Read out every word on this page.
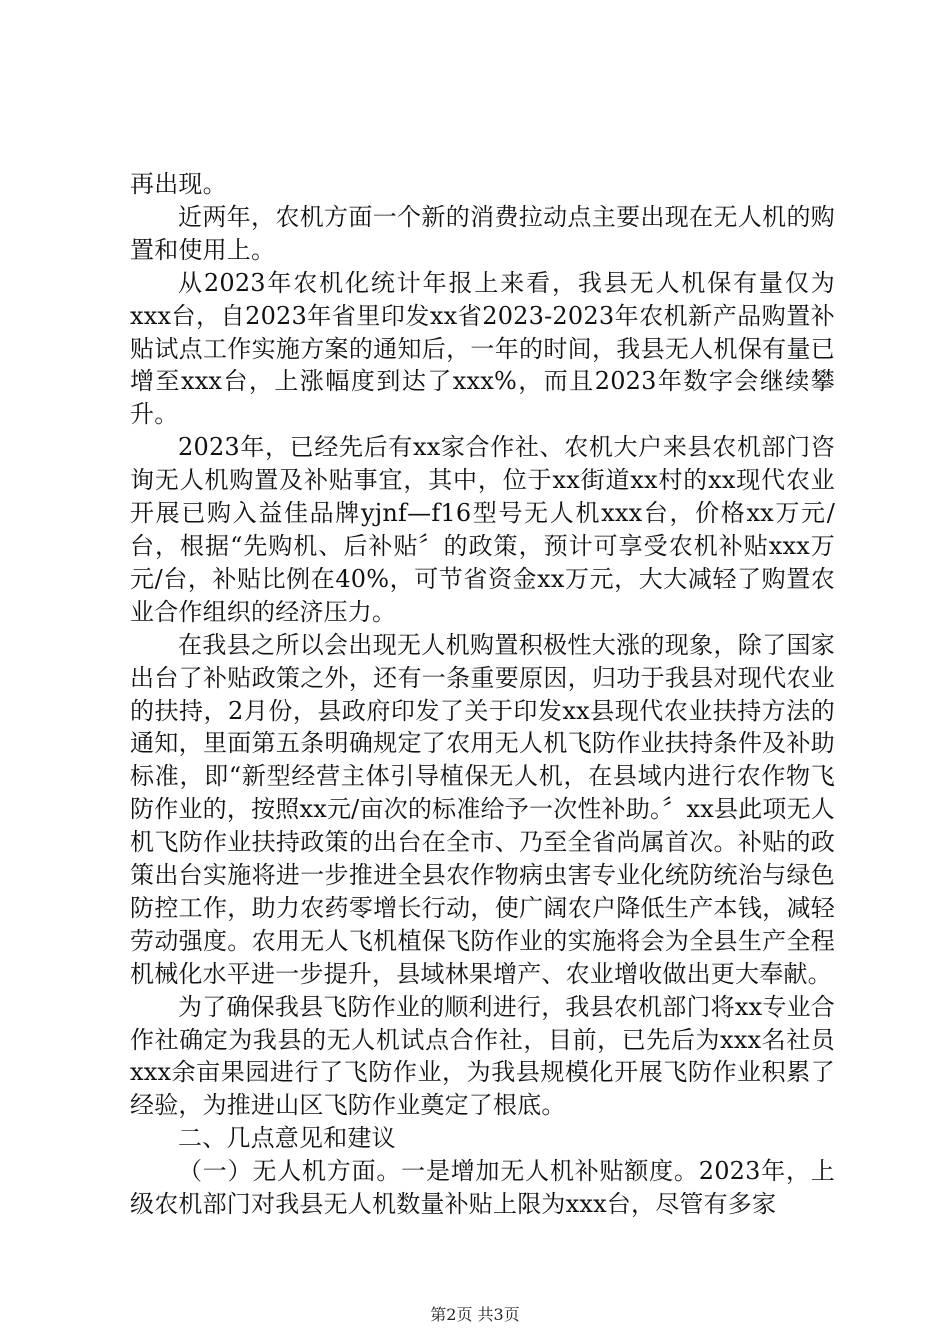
再出现。

近两年，农机方面一个新的消费拉动点主要出现在无人机的购置和使用上。

从2023年农机化统计年报上来看，我县无人机保有量仅为xxx台，自2023年省里印发xx省2023-2023年农机新产品购置补贴试点工作实施方案的通知后，一年的时间，我县无人机保有量已增至xxx台，上涨幅度到达了xxx%，而且2023年数字会继续攀升。

2023年，已经先后有xx家合作社、农机大户来县农机部门咨询无人机购置及补贴事宜，其中，位于xx街道xx村的xx现代农业开展已购入益佳品牌yjnf—f16型号无人机xxx台，价格xx万元/台，根据“先购机、后补贴〞的政策，预计可享受农机补贴xxx万元/台，补贴比例在40%，可节省资金xx万元，大大减轻了购置农业合作组织的经济压力。

在我县之所以会出现无人机购置积极性大涨的现象，除了国家出台了补贴政策之外，还有一条重要原因，归功于我县对现代农业的扶持，2月份，县政府印发了关于印发xx县现代农业扶持方法的通知，里面第五条明确规定了农用无人机飞防作业扶持条件及补助标准，即“新型经营主体引导植保无人机，在县域内进行农作物飞防作业的，按照xx元/亩次的标准给予一次性补助。〞xx县此项无人机飞防作业扶持政策的出台在全市、乃至全省尚属首次。补贴的政策出台实施将进一步推进全县农作物病虫害专业化统防统治与绿色防控工作，助力农药零增长行动，使广阔农户降低生产本钱，减轻劳动强度。农用无人飞机植保飞防作业的实施将会为全县生产全程机械化水平进一步提升，县域林果增产、农业增收做出更大奉献。

为了确保我县飞防作业的顺利进行，我县农机部门将xx专业合作社确定为我县的无人机试点合作社，目前，已先后为xxx名社员xxx余亩果园进行了飞防作业，为我县规模化开展飞防作业积累了经验，为推进山区飞防作业奠定了根底。

二、几点意见和建议

（一）无人机方面。一是增加无人机补贴额度。2023年，上级农机部门对我县无人机数量补贴上限为xxx台，尽管有多家

第2页 共3页
